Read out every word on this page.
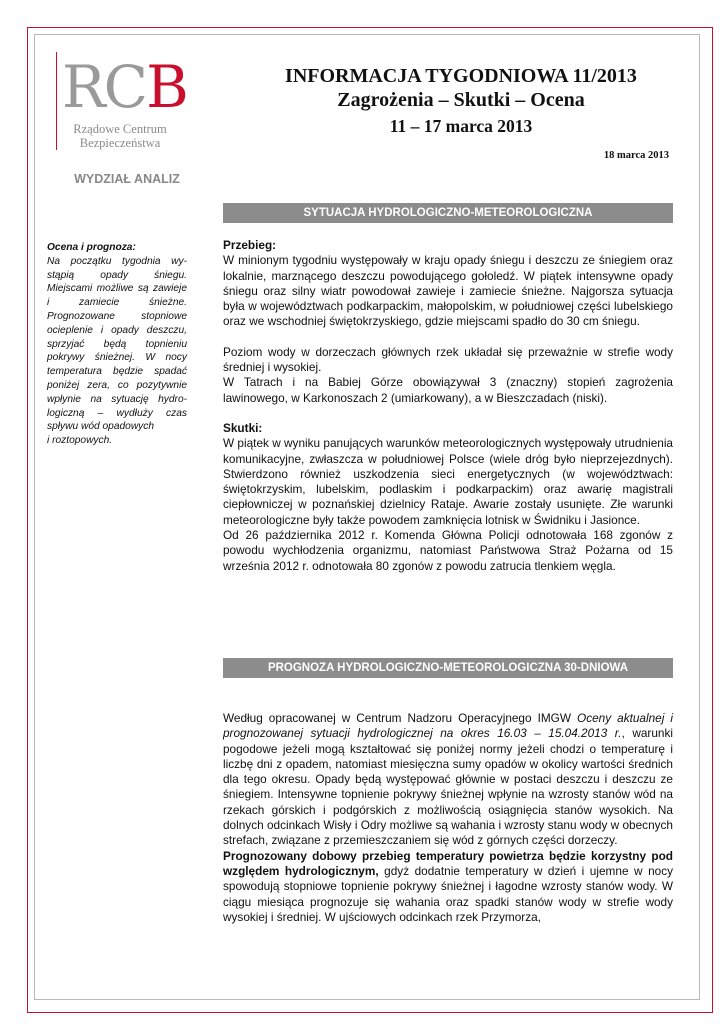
RC B
Rządowe Centrum
Bezpieczeństwa
WYDZIAŁ ANALIZ
INFORMACJA TYGODNIOWA 11/2013
Zagrożenia – Skutki – Ocena
11 – 17 marca 2013
18 marca 2013
SYTUACJA HYDROLOGICZNO-METEOROLOGICZNA
Ocena i prognoza:
Na początku tygodnia wy-stąpią opady śniegu. Miejscami możliwe są zawieje i zamiecie śnieżne. Prognozowane stopniowe ocieplenie i opady deszczu, sprzyjać będą topnieniu pokrywy śnieżnej. W nocy temperatura będzie spadać poniżej zera, co pozytywnie wpłynie na sytuację hydro-logiczną – wydłuży czas spływu wód opadowych
i roztopowych.

Przebieg:

W minionym tygodniu występowały w kraju opady śniegu i deszczu ze śniegiem oraz lokalnie, marznącego deszczu powodującego gołoledź. W piątek intensywne opady śniegu oraz silny wiatr powodował zawieje i zamiecie śnieżne. Najgorsza sytuacja była w województwach podkarpackim, małopolskim, w południowej części lubelskiego oraz we wschodniej świętokrzyskiego, gdzie miejscami spadło do 30 cm śniegu.

Poziom wody w dorzeczach głównych rzek układał się przeważnie w strefie wody średniej i wysokiej.

W Tatrach i na Babiej Górze obowiązywał 3 (znaczny) stopień zagrożenia lawinowego, w Karkonoszach 2 (umiarkowany), a w Bieszczadach (niski).

Skutki:

W piątek w wyniku panujących warunków meteorologicznych występowały utrudnienia komunikacyjne, zwłaszcza w południowej Polsce (wiele dróg było nieprzejezdnych). Stwierdzono również uszkodzenia sieci energetycznych (w województwach: świętokrzyskim, lubelskim, podlaskim i podkarpackim) oraz awarię magistrali ciepłowniczej w poznańskiej dzielnicy Rataje. Awarie zostały usunięte. Złe warunki meteorologiczne były także powodem zamknięcia lotnisk w Świdniku i Jasionce.

Od 26 października 2012 r. Komenda Główna Policji odnotowała 168 zgonów z powodu wychłodzenia organizmu, natomiast Państwowa Straż Pożarna od 15 września 2012 r. odnotowała 80 zgonów z powodu zatrucia tlenkiem węgla.

PROGNOZA HYDROLOGICZNO-METEOROLOGICZNA 30-DNIOWA

Według opracowanej w Centrum Nadzoru Operacyjnego IMGW Oceny aktualnej i prognozowanej sytuacji hydrologicznej na okres 16.03 – 15.04.2013 r., warunki pogodowe jeżeli mogą kształtować się poniżej normy jeżeli chodzi o temperaturę i liczbę dni z opadem, natomiast miesięczna sumy opadów w okolicy wartości średnich dla tego okresu. Opady będą występować głównie w postaci deszczu i deszczu ze śniegiem. Intensywne topnienie pokrywy śnieżnej wpłynie na wzrosty stanów wód na rzekach górskich i podgórskich z możliwością osiągnięcia stanów wysokich. Na dolnych odcinkach Wisły i Odry możliwe są wahania i wzrosty stanu wody w obecnych strefach, związane z przemieszczaniem się wód z górnych części dorzeczy.

Prognozowany dobowy przebieg temperatury powietrza będzie korzystny pod względem hydrologicznym, gdyż dodatnie temperatury w dzień i ujemne w nocy spowodują stopniowe topnienie pokrywy śnieżnej i łagodne wzrosty stanów wody. W ciągu miesiąca prognozuje się wahania oraz spadki stanów wody w strefie wody wysokiej i średniej. W ujściowych odcinkach rzek Przymorza,
